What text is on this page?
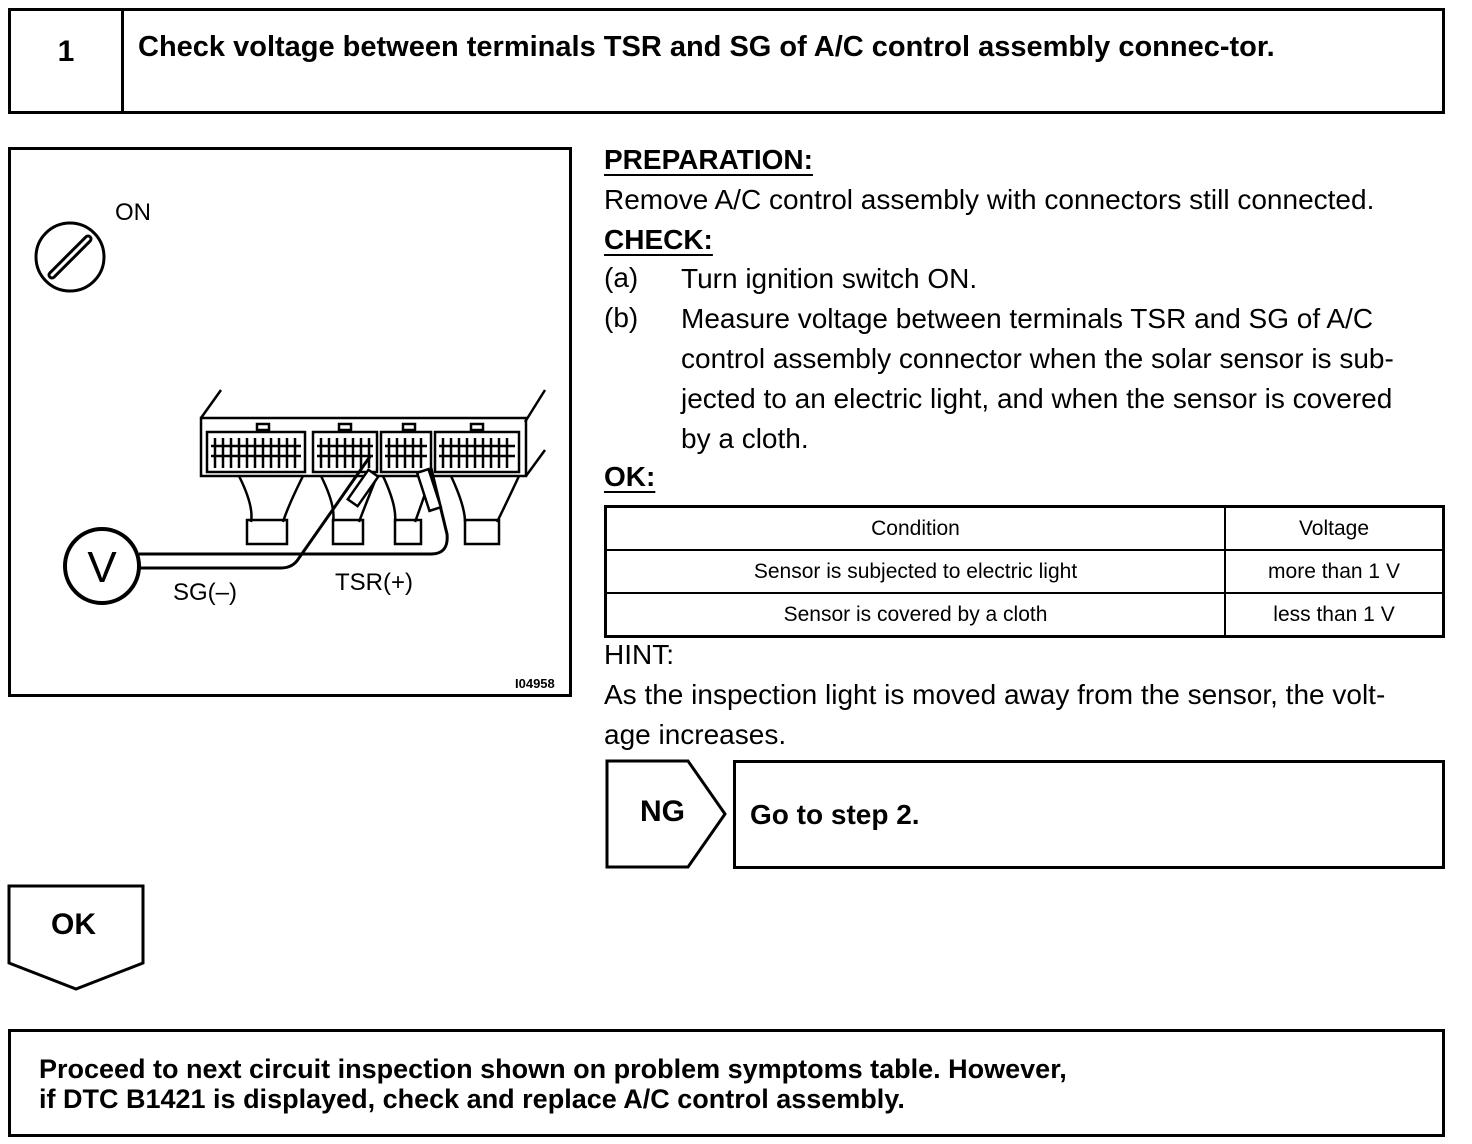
1	Check voltage between terminals TSR and SG of A/C control assembly connec-tor.
ON
V
SG(–)	TSR(+)
I04958
PREPARATION:
Remove A/C control assembly with connectors still connected.
CHECK:
(a) Turn ignition switch ON.
(b) Measure voltage between terminals TSR and SG of A/C
control assembly connector when the solar sensor is sub-
jected to an electric light, and when the sensor is covered
by a cloth.
OK:
Condition	Voltage
Sensor is subjected to electric light	more than 1 V
Sensor is covered by a cloth	less than 1 V
HINT:
As the inspection light is moved away from the sensor, the volt-
age increases.
NG Go to step 2.
OK
Proceed to next circuit inspection shown on problem symptoms table. However,
if DTC B1421 is displayed, check and replace A/C control assembly.
